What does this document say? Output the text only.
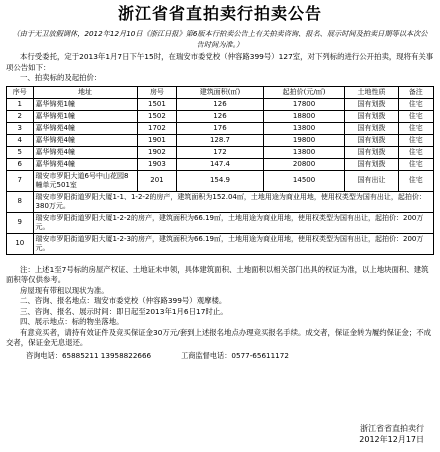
浙江省省直拍卖行拍卖公告
（由于无卫放假调休，2012年12月10日《浙江日报》第6版本行拍卖公告上有关拍卖咨询、报名、展示时间及拍卖日期等以本次公告时间为准。）
本行受委托，定于2013年1月7日下午15时，在瑞安市委党校（仲容路399号）127室，对下列标的进行公开拍卖，现将有关事项公告如下：
一、拍卖标的及起拍价：
序号	地址	房号	建筑面积(㎡)	起拍价(元/㎡)	土地性质	备注
1	嘉华锦苑1幢	1501	126	17800	国有划拨	住宅
2	嘉华锦苑1幢	1502	126	18800	国有划拨	住宅
3	嘉华锦苑4幢	1702	176	13800	国有划拨	住宅
4	嘉华锦苑4幢	1901	128.7	19800	国有划拨	住宅
5	嘉华锦苑4幢	1902	172	13800	国有划拨	住宅
6	嘉华锦苑4幢	1903	147.4	20800	国有划拨	住宅
7	瑞安市罗阳大道6号中山花园8幢单元501室	201	154.9	14500	国有出让	住宅
8	瑞安市罗阳街道罗阳大厦1-1、1-2-2的房产，建筑面积为152.04㎡，土地用途为商业用地，使用权类型为国有出让，起拍价：380万元。					
9	瑞安市罗阳街道罗阳大厦1-2-2的房产，建筑面积为66.19㎡，土地用途为商业用地，使用权类型为国有出让，起拍价：200万元。					
10	瑞安市罗阳街道罗阳大厦1-2-3的房产，建筑面积为66.19㎡，土地用途为商业用地，使用权类型为国有出让，起拍价：200万元。					
注：上述1至7号标的房屋产权证、土地证未申领，具体建筑面积、土地面积以相关部门出具的权证为准，以上地块面积、建筑面积等仅供参考。
房屋现有带租以现状为准。
二、咨询、报名地点：瑞安市委党校（仲容路399号）观摩楼。
三、咨询、报名、展示时间：即日起至2013年1月6日17时止。
四、展示地点：标的物坐落地。
有意竞买者，请持有效证件及竞买保证金30万元/套到上述报名地点办理竞买报名手续。成交者，保证金转为履约保证金；不成交者，保证金无息退还。
咨询电话：65885211 13958822666	工商监督电话：0577-65611172
浙江省省直拍卖行
2012年12月17日
